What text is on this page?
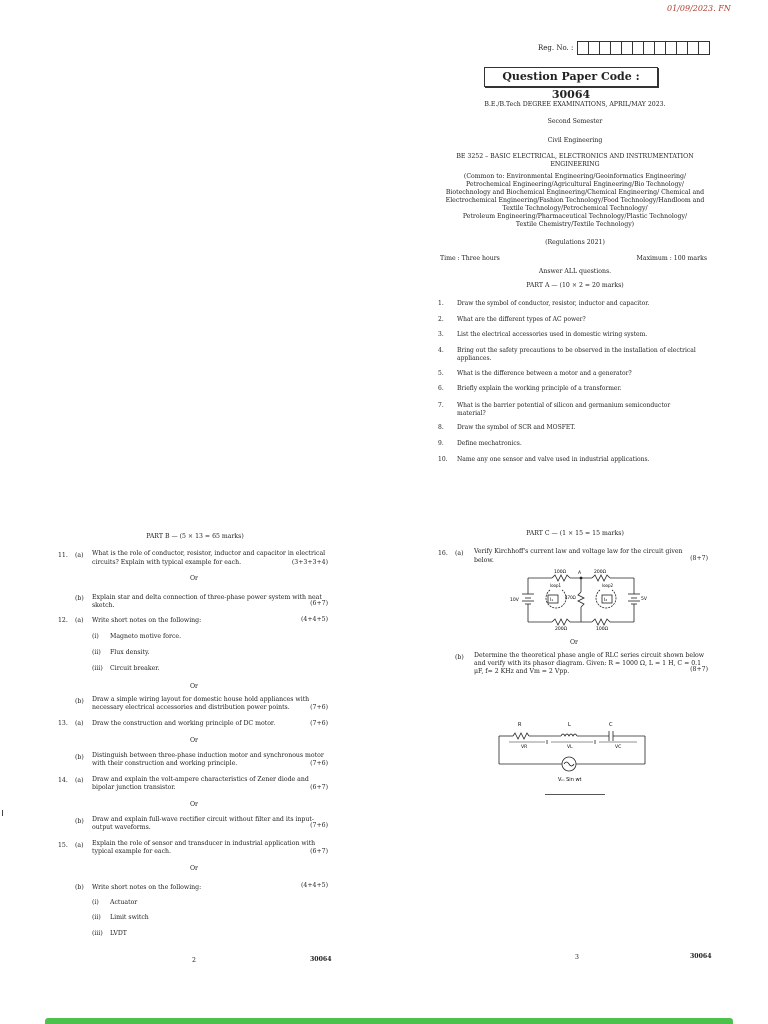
01/09/2023. FN
Reg. No. :
Question Paper Code : 30064
B.E./B.Tech DEGREE EXAMINATIONS, APRIL/MAY 2023.
Second Semester
Civil Engineering
BE 3252 – BASIC ELECTRICAL, ELECTRONICS AND INSTRUMENTATION
ENGINEERING
(Common to: Environmental Engineering/Geoinformatics Engineering/
Petrochemical Engineering/Agricultural Engineering/Bio Technology/
Biotechnology and Biochemical Engineering/Chemical Engineering/ Chemical and
Electrochemical Engineering/Fashion Technology/Food Technology/Handloom and
Textile Technology/Petrochemical Technology/
Petroleum Engineering/Pharmaceutical Technology/Plastic Technology/
Textile Chemistry/Textile Technology)
(Regulations 2021)
Time : Three hours	Maximum : 100 marks
Answer ALL questions.
PART A — (10 × 2 = 20 marks)
1. Draw the symbol of conductor, resistor, inductor and capacitor.
2. What are the different types of AC power?
3. List the electrical accessories used in domestic wiring system.
4. Bring out the safety precautions to be observed in the installation of electrical
appliances.
5. What is the difference between a motor and a generator?
6. Briefly explain the working principle of a transformer.
7. What is the barrier potential of silicon and germanium semiconductor
material?
8. Draw the symbol of SCR and MOSFET.
9. Define mechatronics.
10. Name any one sensor and valve used in industrial applications.
PART B — (5 × 13 = 65 marks)
11. (a) What is the role of conductor, resistor, inductor and capacitor in electrical
circuits? Explain with typical example for each.	(3+3+3+4)
Or
(b) Explain star and delta connection of three-phase power system with neat
sketch.	(6+7)
12. (a) Write short notes on the following:	(4+4+5)
(i) Magneto motive force.
(ii) Flux density.
(iii) Circuit breaker.
Or
(b) Draw a simple wiring layout for domestic house hold appliances with
necessary electrical accessories and distribution power points.	(7+6)
13. (a) Draw the construction and working principle of DC motor.	(7+6)
Or
(b) Distinguish between three-phase induction motor and synchronous motor
with their construction and working principle.	(7+6)
14. (a) Draw and explain the volt-ampere characteristics of Zener diode and
bipolar junction transistor.	(6+7)
Or
(b) Draw and explain full-wave rectifier circuit without filter and its input-
output waveforms.	(7+6)
15. (a) Explain the role of sensor and transducer in industrial application with
typical example for each.	(6+7)
Or
(b) Write short notes on the following:	(4+4+5)
(i) Actuator
(ii) Limit switch
(iii) LVDT
2	30064
PART C — (1 × 15 = 15 marks)
16. (a) Verify Kirchhoff's current law and voltage law for the circuit given
below.	(8+7)
Or
(b) Determine the theoretical phase angle of RLC series circuit shown below
and verify with its phasor diagram. Given: R = 1000 Ω, L = 1 H, C = 0.1
μF, f= 2 KHz and Vm = 2 Vpp.	(8+7)
100Ω	A	200Ω
loop1	loop2
10V	I₁
470Ω
I₂	5V
200Ω	100Ω
R	L	C
VR	VL	VC
Vₘ Sin wt
3	30064
